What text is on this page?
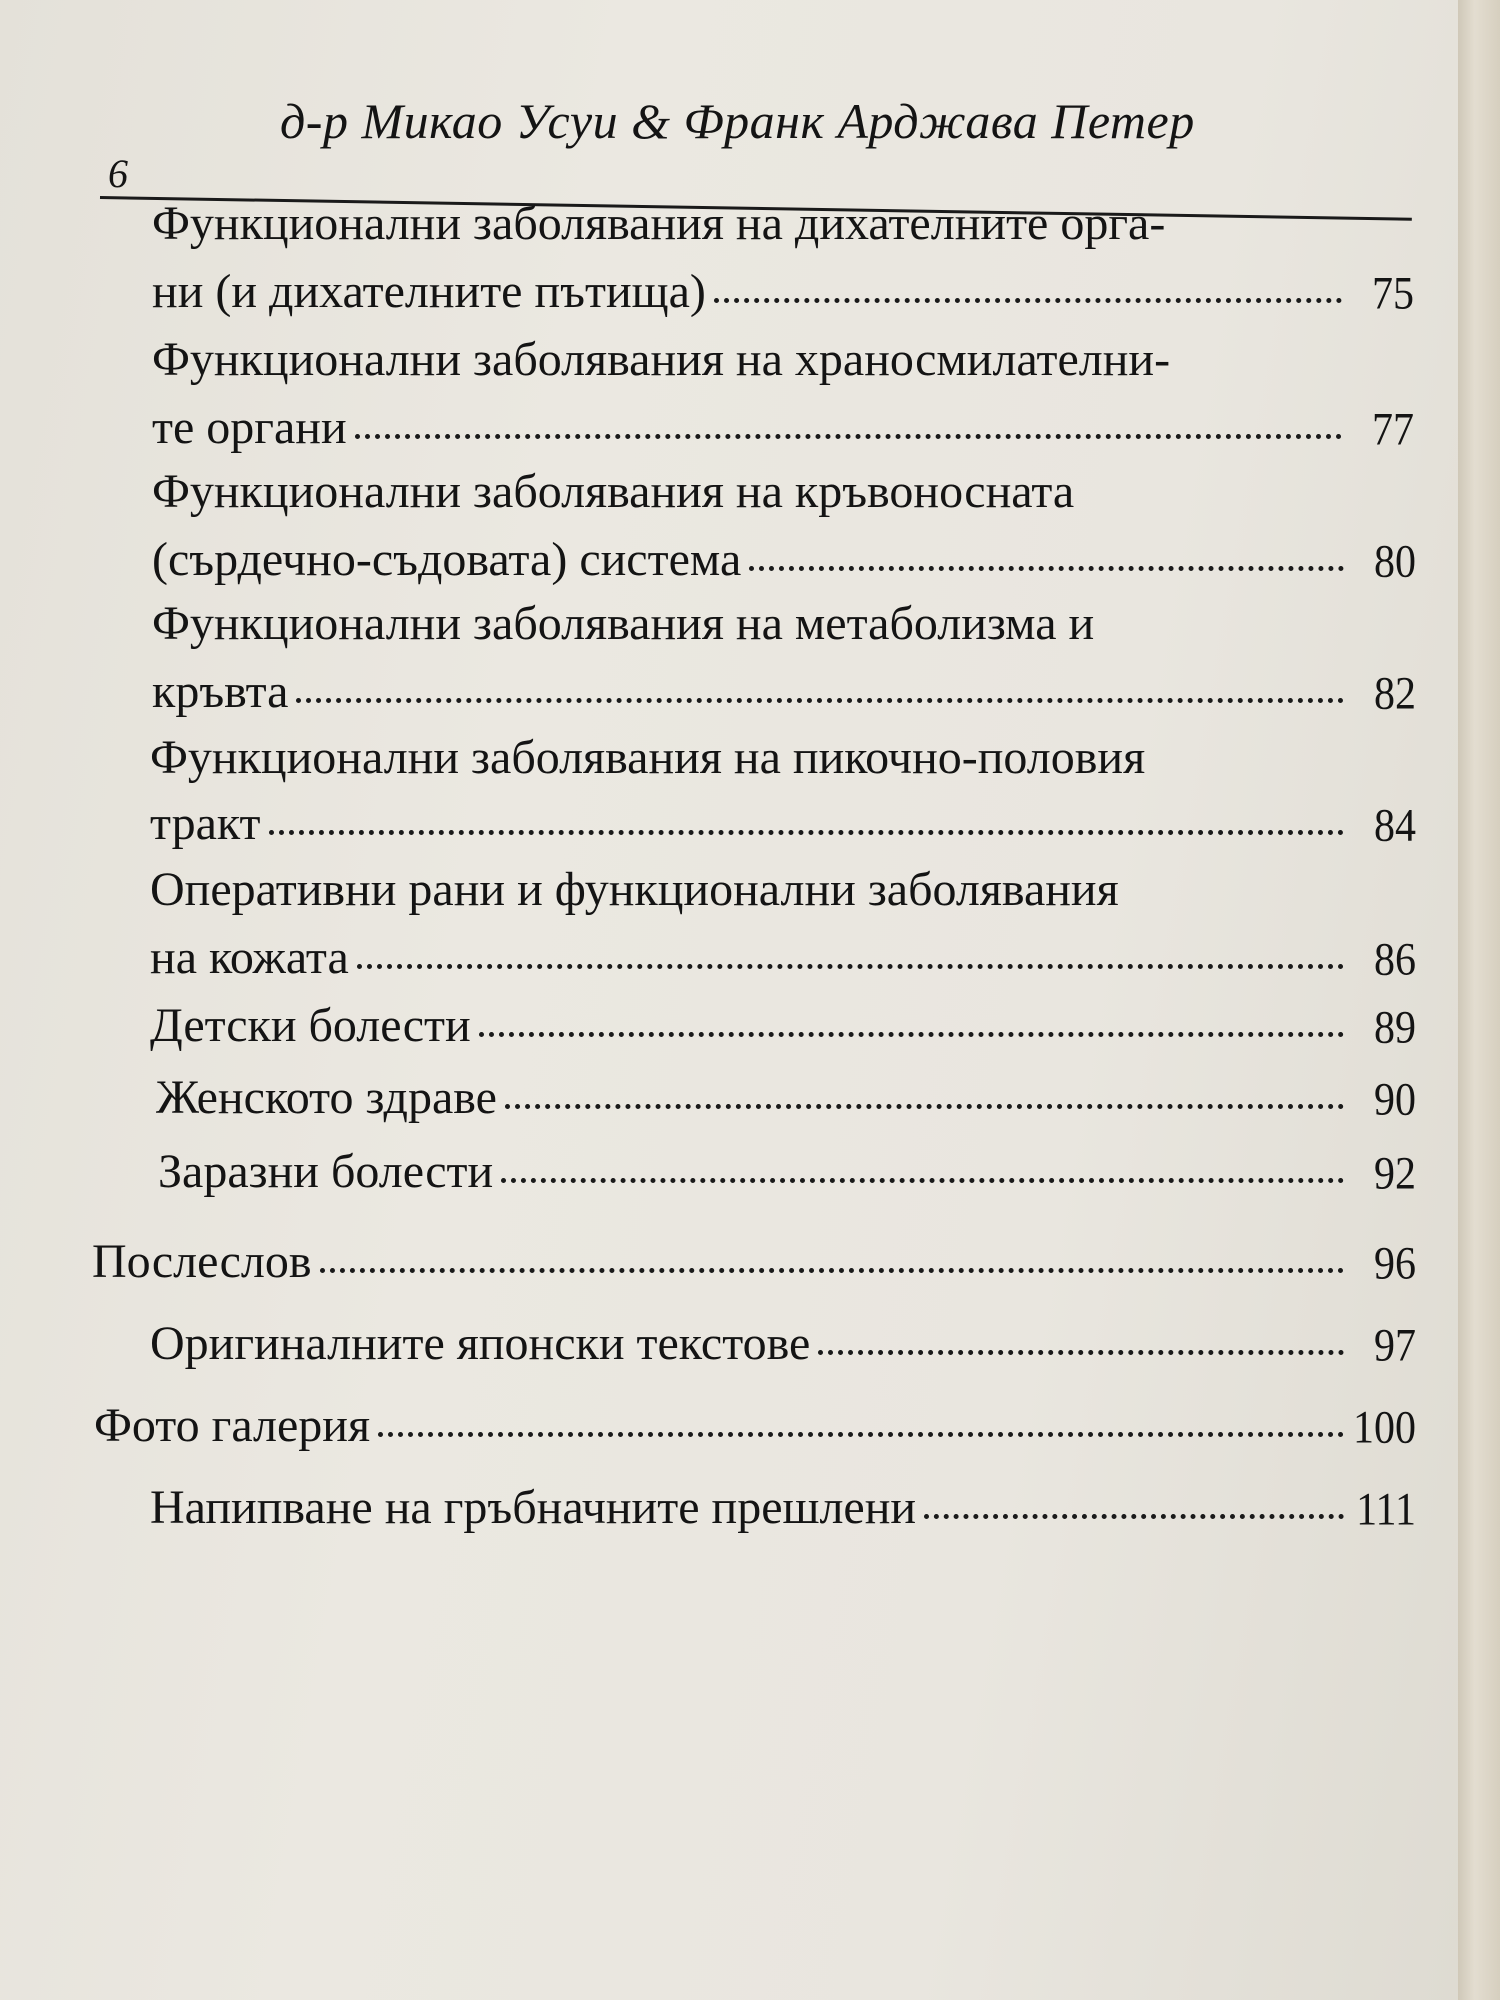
д-р Микао Усуи & Франк Арджава Петер
6
Функционални заболявания на дихателните орга-
ни (и дихателните пътища)	75
Функционални заболявания на храносмилателни-
те органи	77
Функционални заболявания на кръвоносната
(сърдечно-съдовата) система	80
Функционални заболявания на метаболизма и
кръвта	82
Функционални заболявания на пикочно-половия
тракт	84
Оперативни рани и функционални заболявания
на кожата	86
Детски болести	89
Женското здраве	90
Заразни болести	92
Послеслов	96
Оригиналните японски текстове	97
Фото галерия	100
Напипване на гръбначните прешлени	111
